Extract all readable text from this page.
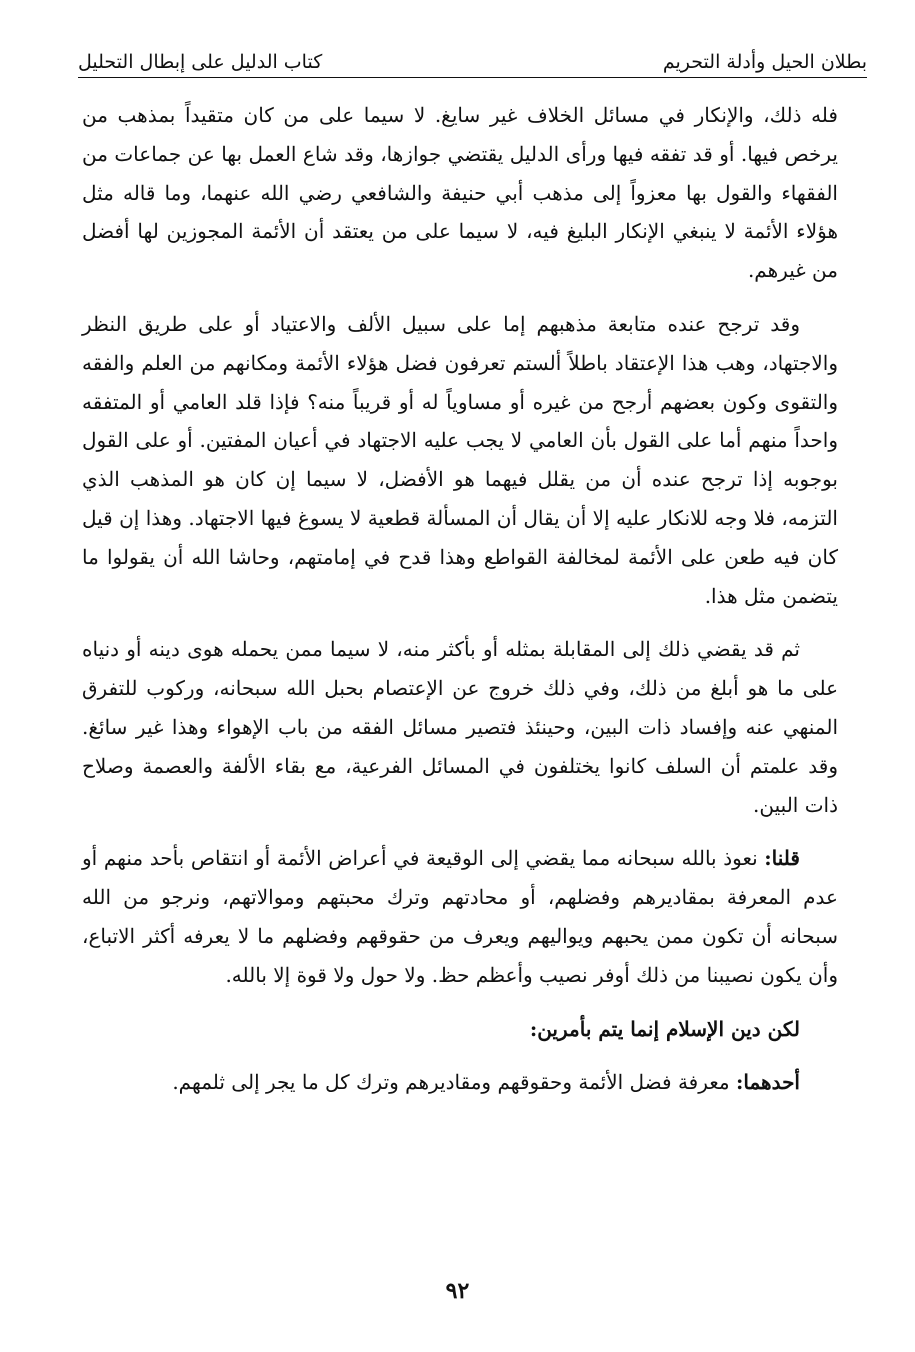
بطلان الحيل وأدلة التحريم
كتاب الدليل على إبطال التحليل

فله ذلك، والإنكار في مسائل الخلاف غير سايغ. لا سيما على من كان متقيداً بمذهب من يرخص فيها. أو قد تفقه فيها ورأى الدليل يقتضي جوازها، وقد شاع العمل بها عن جماعات من الفقهاء والقول بها معزواً إلى مذهب أبي حنيفة والشافعي رضي الله عنهما، وما قاله مثل هؤلاء الأئمة لا ينبغي الإنكار البليغ فيه، لا سيما على من يعتقد أن الأئمة المجوزين لها أفضل من غيرهم.

وقد ترجح عنده متابعة مذهبهم إما على سبيل الألف والاعتياد أو على طريق النظر والاجتهاد، وهب هذا الإعتقاد باطلاً ألستم تعرفون فضل هؤلاء الأئمة ومكانهم من العلم والفقه والتقوى وكون بعضهم أرجح من غيره أو مساوياً له أو قريباً منه؟ فإذا قلد العامي أو المتفقه واحداً منهم أما على القول بأن العامي لا يجب عليه الاجتهاد في أعيان المفتين. أو على القول بوجوبه إذا ترجح عنده أن من يقلل فيهما هو الأفضل، لا سيما إن كان هو المذهب الذي التزمه، فلا وجه للانكار عليه إلا أن يقال أن المسألة قطعية لا يسوغ فيها الاجتهاد. وهذا إن قيل كان فيه طعن على الأئمة لمخالفة القواطع وهذا قدح في إمامتهم، وحاشا الله أن يقولوا ما يتضمن مثل هذا.

ثم قد يقضي ذلك إلى المقابلة بمثله أو بأكثر منه، لا سيما ممن يحمله هوى دينه أو دنياه على ما هو أبلغ من ذلك، وفي ذلك خروج عن الإعتصام بحبل الله سبحانه، وركوب للتفرق المنهي عنه وإفساد ذات البين، وحينئذ فتصير مسائل الفقه من باب الإهواء وهذا غير سائغ. وقد علمتم أن السلف كانوا يختلفون في المسائل الفرعية، مع بقاء الألفة والعصمة وصلاح ذات البين.

قلنا: نعوذ بالله سبحانه مما يقضي إلى الوقيعة في أعراض الأئمة أو انتقاص بأحد منهم أو عدم المعرفة بمقاديرهم وفضلهم، أو محادتهم وترك محبتهم وموالاتهم، ونرجو من الله سبحانه أن تكون ممن يحبهم ويواليهم ويعرف من حقوقهم وفضلهم ما لا يعرفه أكثر الاتباع، وأن يكون نصيبنا من ذلك أوفر نصيب وأعظم حظ. ولا حول ولا قوة إلا بالله.

لكن دين الإسلام إنما يتم بأمرين:

أحدهما: معرفة فضل الأئمة وحقوقهم ومقاديرهم وترك كل ما يجر إلى ثلمهم.

٩٢
